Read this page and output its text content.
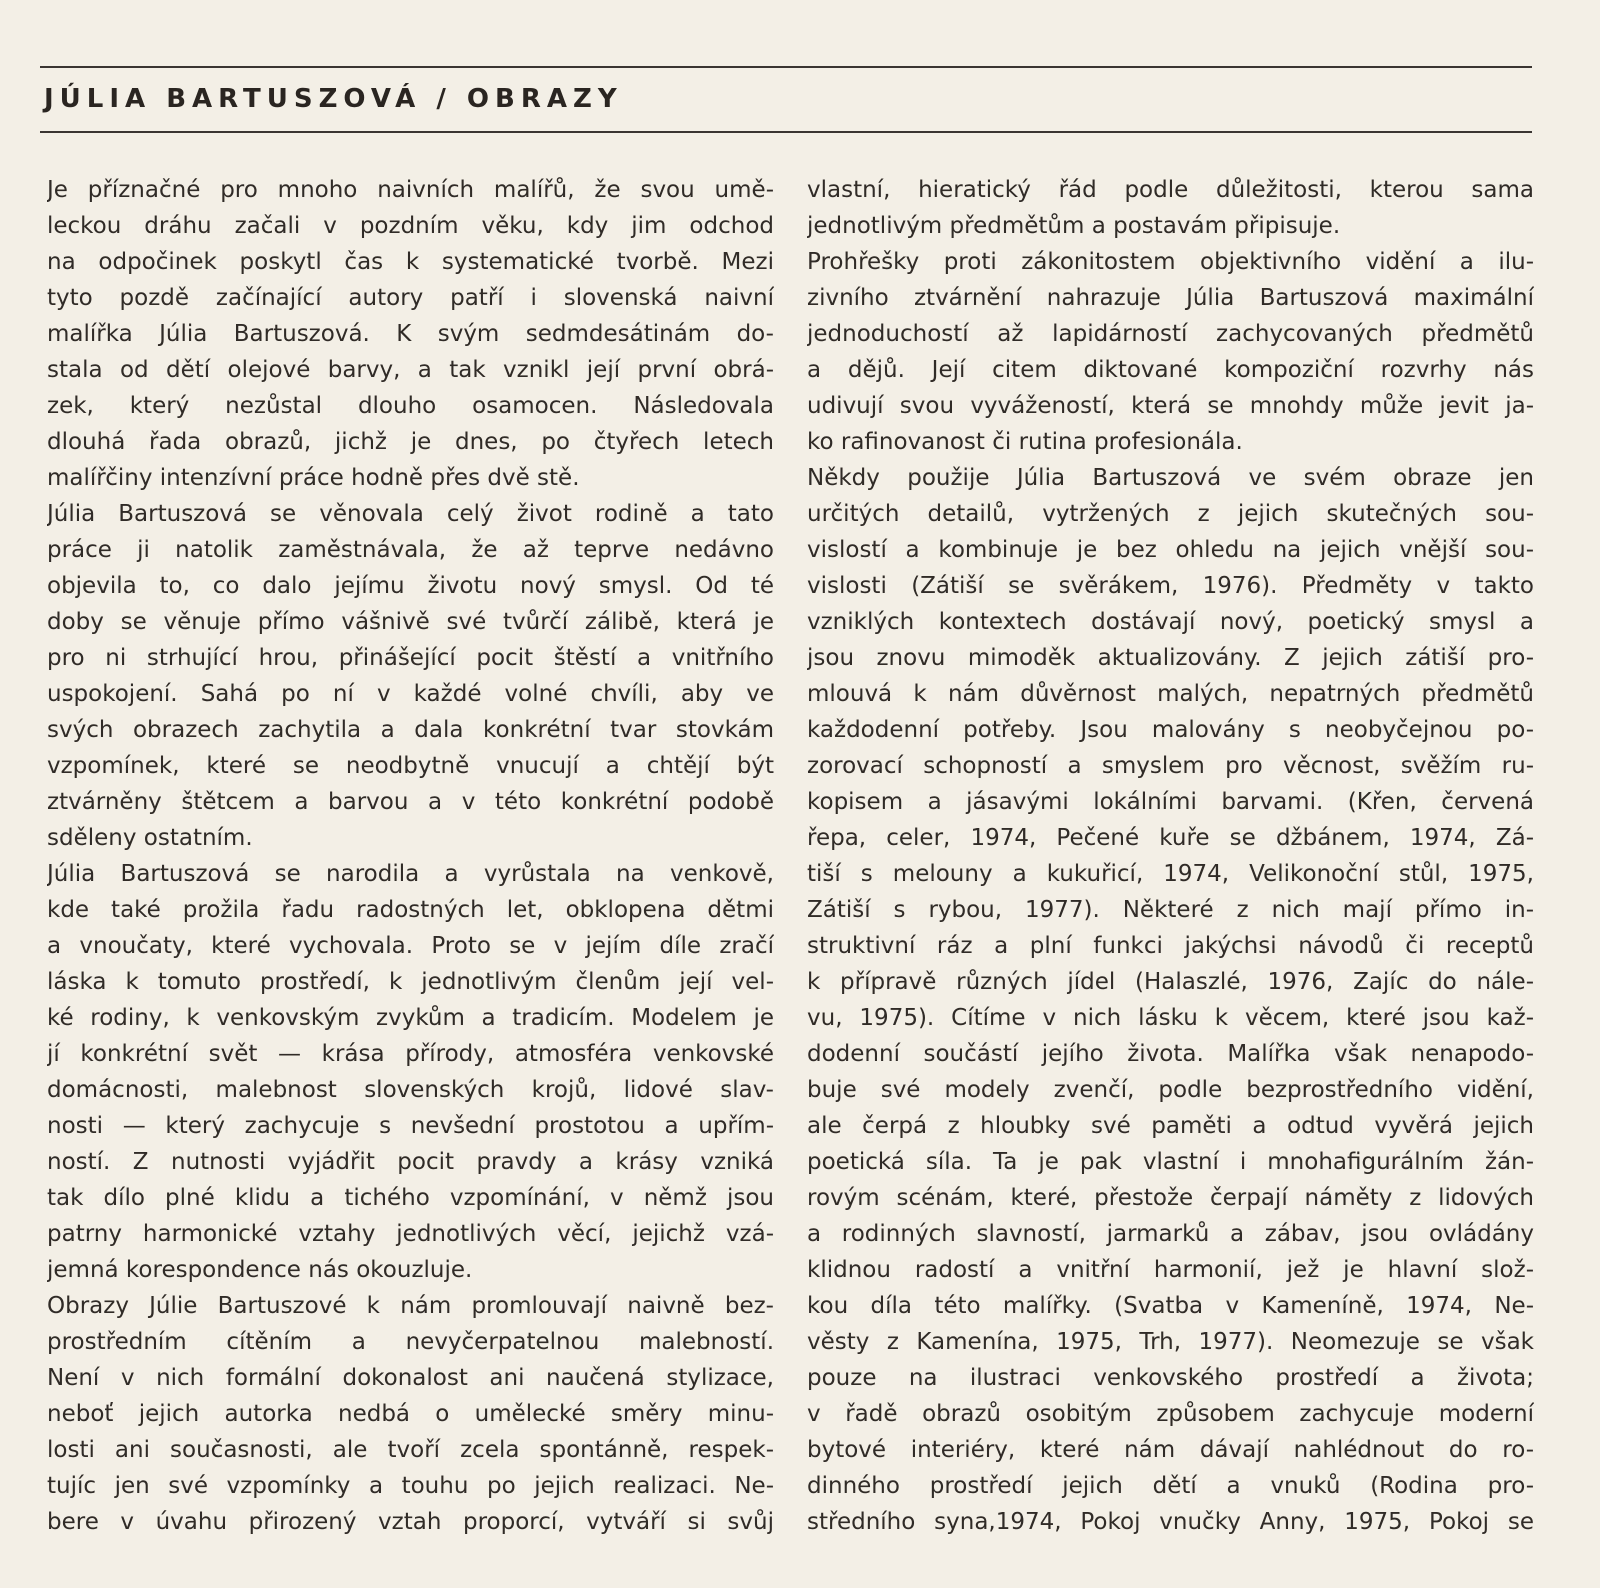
JÚLIA BARTUSZOVÁ / OBRAZY
Je příznačné pro mnoho naivních malířů, že svou umě-
leckou dráhu začali v pozdním věku, kdy jim odchod
na odpočinek poskytl čas k systematické tvorbě. Mezi
tyto pozdě začínající autory patří i slovenská naivní
malířka Júlia Bartuszová. K svým sedmdesátinám do-
stala od dětí olejové barvy, a tak vznikl její první obrá-
zek, který nezůstal dlouho osamocen. Následovala
dlouhá řada obrazů, jichž je dnes, po čtyřech letech
malířčiny intenzívní práce hodně přes dvě stě.
Júlia Bartuszová se věnovala celý život rodině a tato
práce ji natolik zaměstnávala, že až teprve nedávno
objevila to, co dalo jejímu životu nový smysl. Od té
doby se věnuje přímo vášnivě své tvůrčí zálibě, která je
pro ni strhující hrou, přinášející pocit štěstí a vnitřního
uspokojení. Sahá po ní v každé volné chvíli, aby ve
svých obrazech zachytila a dala konkrétní tvar stovkám
vzpomínek, které se neodbytně vnucují a chtějí být
ztvárněny štětcem a barvou a v této konkrétní podobě
sděleny ostatním.
Júlia Bartuszová se narodila a vyrůstala na venkově,
kde také prožila řadu radostných let, obklopena dětmi
a vnoučaty, které vychovala. Proto se v jejím díle zračí
láska k tomuto prostředí, k jednotlivým členům její vel-
ké rodiny, k venkovským zvykům a tradicím. Modelem je
jí konkrétní svět — krása přírody, atmosféra venkovské
domácnosti, malebnost slovenských krojů, lidové slav-
nosti — který zachycuje s nevšední prostotou a upřím-
ností. Z nutnosti vyjádřit pocit pravdy a krásy vzniká
tak dílo plné klidu a tichého vzpomínání, v němž jsou
patrny harmonické vztahy jednotlivých věcí, jejichž vzá-
jemná korespondence nás okouzluje.
Obrazy Júlie Bartuszové k nám promlouvají naivně bez-
prostředním cítěním a nevyčerpatelnou malebností.
Není v nich formální dokonalost ani naučená stylizace,
neboť jejich autorka nedbá o umělecké směry minu-
losti ani současnosti, ale tvoří zcela spontánně, respek-
tujíc jen své vzpomínky a touhu po jejich realizaci. Ne-
bere v úvahu přirozený vztah proporcí, vytváří si svůj
vlastní, hieratický řád podle důležitosti, kterou sama
jednotlivým předmětům a postavám připisuje.
Prohřešky proti zákonitostem objektivního vidění a ilu-
zivního ztvárnění nahrazuje Júlia Bartuszová maximální
jednoduchostí až lapidárností zachycovaných předmětů
a dějů. Její citem diktované kompoziční rozvrhy nás
udivují svou vyvážeností, která se mnohdy může jevit ja-
ko rafinovanost či rutina profesionála.
Někdy použije Júlia Bartuszová ve svém obraze jen
určitých detailů, vytržených z jejich skutečných sou-
vislostí a kombinuje je bez ohledu na jejich vnější sou-
vislosti (Zátiší se svěrákem, 1976). Předměty v takto
vzniklých kontextech dostávají nový, poetický smysl a
jsou znovu mimoděk aktualizovány. Z jejich zátiší pro-
mlouvá k nám důvěrnost malých, nepatrných předmětů
každodenní potřeby. Jsou malovány s neobyčejnou po-
zorovací schopností a smyslem pro věcnost, svěžím ru-
kopisem a jásavými lokálními barvami. (Křen, červená
řepa, celer, 1974, Pečené kuře se džbánem, 1974, Zá-
tiší s melouny a kukuřicí, 1974, Velikonoční stůl, 1975,
Zátiší s rybou, 1977). Některé z nich mají přímo in-
struktivní ráz a plní funkci jakýchsi návodů či receptů
k přípravě různých jídel (Halaszlé, 1976, Zajíc do nále-
vu, 1975). Cítíme v nich lásku k věcem, které jsou kaž-
dodenní součástí jejího života. Malířka však nenapodo-
buje své modely zvenčí, podle bezprostředního vidění,
ale čerpá z hloubky své paměti a odtud vyvěrá jejich
poetická síla. Ta je pak vlastní i mnohafigurálním žán-
rovým scénám, které, přestože čerpají náměty z lidových
a rodinných slavností, jarmarků a zábav, jsou ovládány
klidnou radostí a vnitřní harmonií, jež je hlavní slož-
kou díla této malířky. (Svatba v Kameníně, 1974, Ne-
věsty z Kamenína, 1975, Trh, 1977). Neomezuje se však
pouze na ilustraci venkovského prostředí a života;
v řadě obrazů osobitým způsobem zachycuje moderní
bytové interiéry, které nám dávají nahlédnout do ro-
dinného prostředí jejich dětí a vnuků (Rodina pro-
středního syna,1974, Pokoj vnučky Anny, 1975, Pokoj se
